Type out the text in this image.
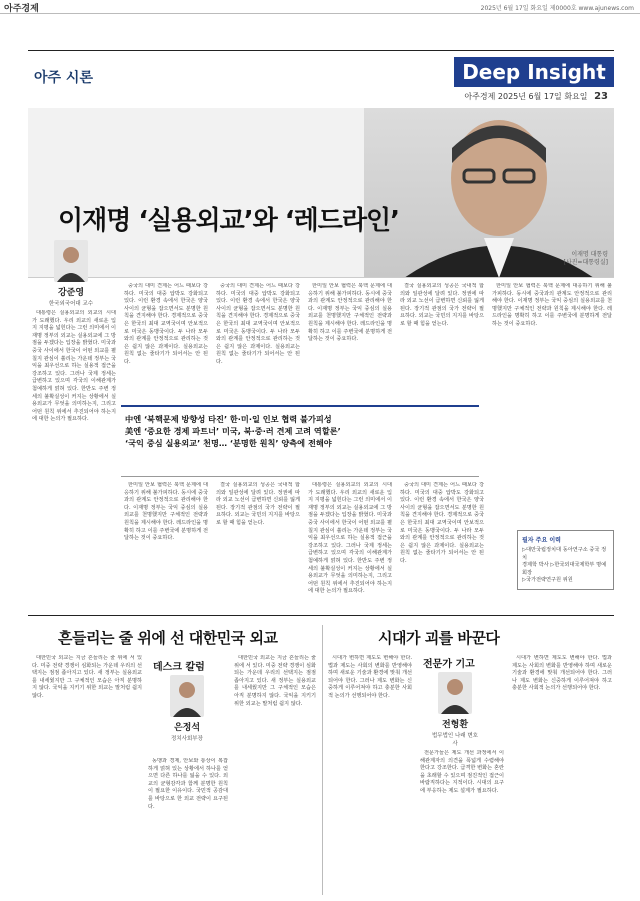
아주경제	2025년 6월 17일 화요일 제0000호 www.ajunews.com
아주 시론	Deep Insight
아주경제 2025년 6월 17일 화요일 23
이재명 ‘실용외교’와 ‘레드라인’
이재명 대통령
[사진=대통령실]
강준영
한국외국어대 교수

대통령은 실용외교의 외교의 시대가 도래했다. 우리 외교의 새로운 입지 지평을 넓힌다는 그런 의미에서 이재명 정부의 외교는 실용외교에 그 방점을 두겠다는 입장을 밝혔다. 미국과 중국 사이에서 한국이 어떤 외교를 펼칠지 관심이 쏠리는 가운데 정부는 국익을 최우선으로 하는 실용적 접근을 강조하고 있다. 그러나 국제 정세는 급변하고 있으며 각국의 이해관계가 첨예하게 얽혀 있다. 한반도 주변 정세의 불확실성이 커지는 상황에서 실용외교가 무엇을 의미하는지, 그리고 어떤 원칙 위에서 추진되어야 하는지에 대한 논의가 필요하다.

중국의 대미 견제는 어느 때보다 강하다. 미국의 대중 압박도 강화되고 있다. 이런 환경 속에서 한국은 양국 사이의 균형을 잡으면서도 분명한 원칙을 견지해야 한다. 경제적으로 중국은 한국의 최대 교역국이며 안보적으로 미국은 동맹국이다. 두 나라 모두와의 관계를 안정적으로 관리하는 것은 쉽지 않은 과제이다. 실용외교는 원칙 없는 줄타기가 되어서는 안 된다.

한미일 안보 협력은 북핵 문제에 대응하기 위해 불가피하다. 동시에 중국과의 관계도 안정적으로 관리해야 한다. 이재명 정부는 국익 중심의 실용외교를 천명했지만 구체적인 전략과 원칙을 제시해야 한다. 레드라인을 명확히 하고 이를 주변국에 분명하게 전달하는 것이 중요하다.

중국의 대미 견제는 어느 때보다 강하다. 미국의 대중 압박도 강화되고 있다. 이런 환경 속에서 한국은 양국 사이의 균형을 잡으면서도 분명한 원칙을 견지해야 한다. 경제적으로 중국은 한국의 최대 교역국이며 안보적으로 미국은 동맹국이다. 두 나라 모두와의 관계를 안정적으로 관리하는 것은 쉽지 않은 과제이다. 실용외교는 원칙 없는 줄타기가 되어서는 안 된다.

결국 실용외교의 성공은 국내적 합의와 일관성에 달려 있다. 정권에 따라 외교 노선이 급변하면 신뢰를 잃게 된다. 장기적 관점의 국가 전략이 필요하다. 외교는 국민의 지지를 바탕으로 할 때 힘을 얻는다.

한미일 안보 협력은 북핵 문제에 대응하기 위해 불가피하다. 동시에 중국과의 관계도 안정적으로 관리해야 한다. 이재명 정부는 국익 중심의 실용외교를 천명했지만 구체적인 전략과 원칙을 제시해야 한다. 레드라인을 명확히 하고 이를 주변국에 분명하게 전달하는 것이 중요하다.

대통령은 실용외교의 외교의 시대가 도래했다. 우리 외교의 새로운 입지 지평을 넓힌다는 그런 의미에서 이재명 정부의 외교는 실용외교에 그 방점을 두겠다는 입장을 밝혔다. 미국과 중국 사이에서 한국이 어떤 외교를 펼칠지 관심이 쏠리는 가운데 정부는 국익을 최우선으로 하는 실용적 접근을 강조하고 있다. 그러나 국제 정세는 급변하고 있으며 각국의 이해관계가 첨예하게 얽혀 있다. 한반도 주변 정세의 불확실성이 커지는 상황에서 실용외교가 무엇을 의미하는지, 그리고 어떤 원칙 위에서 추진되어야 하는지에 대한 논의가 필요하다.

결국 실용외교의 성공은 국내적 합의와 일관성에 달려 있다. 정권에 따라 외교 노선이 급변하면 신뢰를 잃게 된다. 장기적 관점의 국가 전략이 필요하다. 외교는 국민의 지지를 바탕으로 할 때 힘을 얻는다.

중국의 대미 견제는 어느 때보다 강하다. 미국의 대중 압박도 강화되고 있다. 이런 환경 속에서 한국은 양국 사이의 균형을 잡으면서도 분명한 원칙을 견지해야 한다. 경제적으로 중국은 한국의 최대 교역국이며 안보적으로 미국은 동맹국이다. 두 나라 모두와의 관계를 안정적으로 관리하는 것은 쉽지 않은 과제이다. 실용외교는 원칙 없는 줄타기가 되어서는 안 된다.

한미일 안보 협력은 북핵 문제에 대응하기 위해 불가피하다. 동시에 중국과의 관계도 안정적으로 관리해야 한다. 이재명 정부는 국익 중심의 실용외교를 천명했지만 구체적인 전략과 원칙을 제시해야 한다. 레드라인을 명확히 하고 이를 주변국에 분명하게 전달하는 것이 중요하다.

中엔 ‘북핵문제 방향성 타진’ 한·미·일 인보 협력 불가피성
美엔 ‘중요한 경제 파트너’ 미국, 북·중·러 견제 고려 역할론’
‘국익 중심 실용외교’ 천명… ‘분명한 원칙’ 양측에 전해야
필자 주요 이력
▷대만국립정치대 동아연구소 중국 정치
경제학 박사 ▷한국외대국제학부 명예회장
▷국가전략연구원 위원
흔들리는 줄 위에 선 대한민국 외교
데스크 칼럼
은정석
정치사회부장

대한민국 외교는 지금 흔들리는 줄 위에 서 있다. 미중 전략 경쟁이 심화되는 가운데 우리의 선택지는 점점 좁아지고 있다. 새 정부는 실용외교를 내세웠지만 그 구체적인 모습은 아직 분명하지 않다. 국익을 지키기 위한 외교는 말처럼 쉽지 않다.

동맹과 경제, 안보와 통상이 복잡하게 얽혀 있는 상황에서 하나를 얻으면 다른 하나를 잃을 수 있다. 외교의 균형감각과 함께 분명한 원칙이 필요한 이유이다. 국민적 공감대를 바탕으로 한 외교 전략이 요구된다.

대한민국 외교는 지금 흔들리는 줄 위에 서 있다. 미중 전략 경쟁이 심화되는 가운데 우리의 선택지는 점점 좁아지고 있다. 새 정부는 실용외교를 내세웠지만 그 구체적인 모습은 아직 분명하지 않다. 국익을 지키기 위한 외교는 말처럼 쉽지 않다.

시대가 괴를 바꾼다
전문가 기고
전형환
법무법인 나래 변호사

시대가 변하면 제도도 변해야 한다. 법과 제도는 사회의 변화를 반영해야 하며 새로운 기술과 환경에 맞춰 개선되어야 한다. 그러나 제도 변화는 신중하게 이루어져야 하고 충분한 사회적 논의가 선행되어야 한다.

전문가들은 제도 개선 과정에서 이해관계자의 의견을 폭넓게 수렴해야 한다고 강조한다. 급격한 변화는 혼란을 초래할 수 있으며 점진적인 접근이 바람직하다는 지적이다. 시대의 요구에 부응하는 제도 설계가 필요하다.

시대가 변하면 제도도 변해야 한다. 법과 제도는 사회의 변화를 반영해야 하며 새로운 기술과 환경에 맞춰 개선되어야 한다. 그러나 제도 변화는 신중하게 이루어져야 하고 충분한 사회적 논의가 선행되어야 한다.
